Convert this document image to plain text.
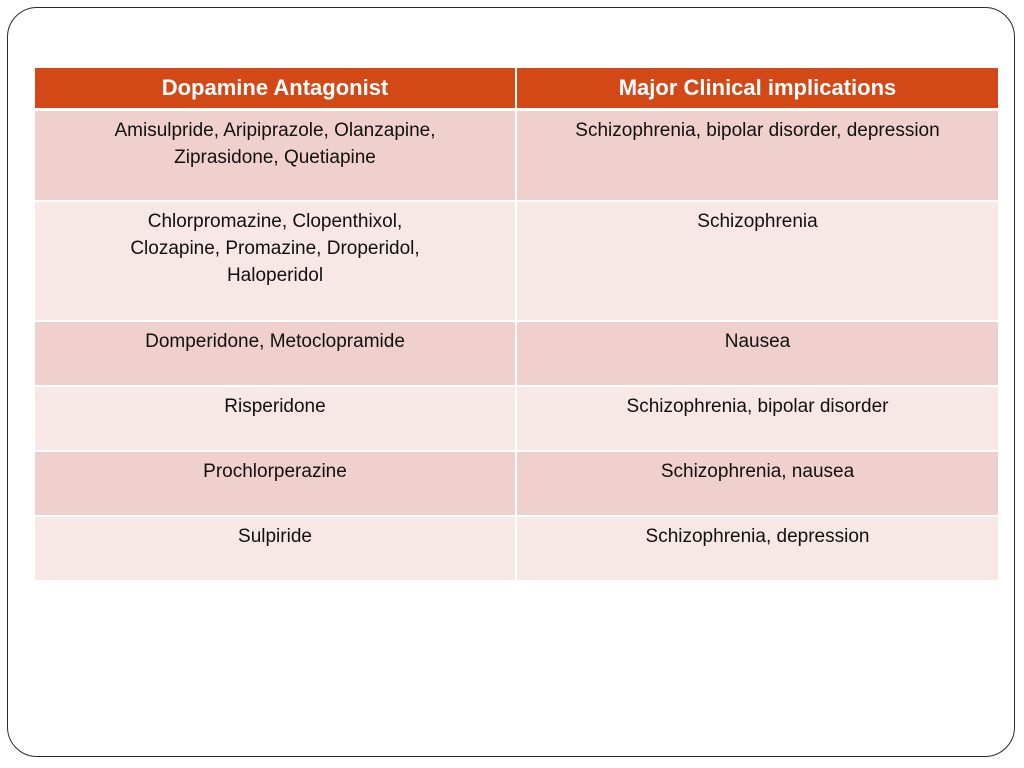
Dopamine Antagonist	Major Clinical implications

Amisulpride, Aripiprazole, Olanzapine,
Ziprasidone, Quetiapine	Schizophrenia, bipolar disorder, depression

Chlorpromazine, Clopenthixol,
Clozapine, Promazine, Droperidol,
Haloperidol	Schizophrenia

Domperidone, Metoclopramide	Nausea

Risperidone	Schizophrenia, bipolar disorder

Prochlorperazine	Schizophrenia, nausea

Sulpiride	Schizophrenia, depression
